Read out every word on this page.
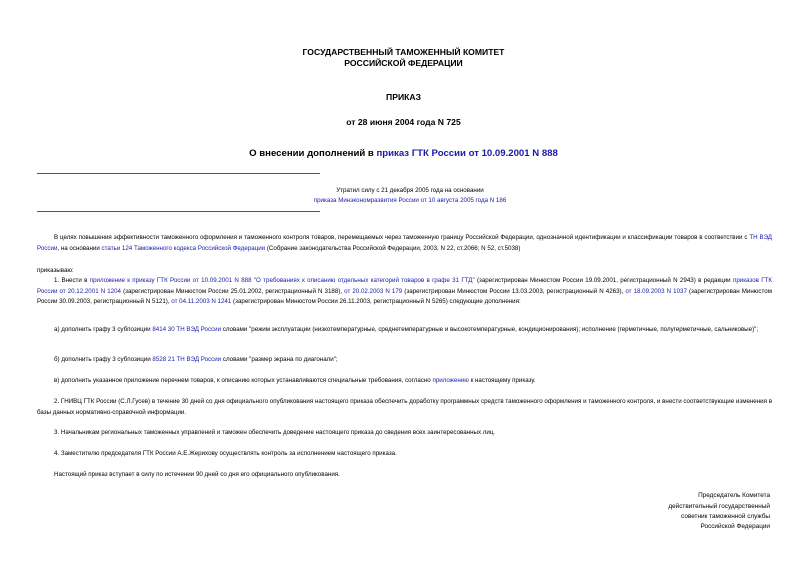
ГОСУДАРСТВЕННЫЙ ТАМОЖЕННЫЙ КОМИТЕТ
РОССИЙСКОЙ ФЕДЕРАЦИИ
ПРИКАЗ
от 28 июня 2004 года N 725
О внесении дополнений в приказ ГТК России от 10.09.2001 N 888
Утратил силу с 21 декабря 2005 года на основании
приказа Минэкономразвития России от 10 августа 2005 года N 186
В целях повышения эффективности таможенного оформления и таможенного контроля товаров, перемещаемых через таможенную границу Российской Федерации, однозначной идентификации и классификации товаров в соответствии с ТН ВЭД России, на основании статьи 124 Таможенного кодекса Российской Федерации (Собрание законодательства Российской Федерации, 2003, N 22, ст.2066; N 52, ст.5038)
приказываю:
1. Внести в приложение к приказу ГТК России от 10.09.2001 N 888 "О требованиях к описанию отдельных категорий товаров в графе 31 ГТД" (зарегистрирован Минюстом России 19.09.2001, регистрационный N 2943) в редакции приказов ГТК России от 20.12.2001 N 1204 (зарегистрирован Минюстом России 25.01.2002, регистрационный N 3188), от 20.02.2003 N 179 (зарегистрирован Минюстом России 13.03.2003, регистрационный N 4263), от 18.09.2003 N 1037 (зарегистрирован Минюстом России 30.09.2003, регистрационный N 5121), от 04.11.2003 N 1241 (зарегистрирован Минюстом России 26.11.2003, регистрационный N 5265) следующие дополнения:
а) дополнить графу 3 субпозиции 8414 30 ТН ВЭД России словами "режим эксплуатации (низкотемпературные, среднетемпературные и высокотемпературные, кондиционирования); исполнение (герметичные, полугерметичные, сальниковые)";
б) дополнить графу 3 субпозиции 8528 21 ТН ВЭД России словами "размер экрана по диагонали";
в) дополнить указанное приложение перечнем товаров, к описанию которых устанавливаются специальные требования, согласно приложению к настоящему приказу.
2. ГНИВЦ ГТК России (С.Л.Гусев) в течение 30 дней со дня официального опубликования настоящего приказа обеспечить доработку программных средств таможенного оформления и таможенного контроля, и внести соответствующие изменения в базы данных нормативно-справочной информации.
3. Начальникам региональных таможенных управлений и таможен обеспечить доведение настоящего приказа до сведения всех заинтересованных лиц.
4. Заместителю председателя ГТК России А.Е.Жерихову осуществлять контроль за исполнением настоящего приказа.
Настоящий приказ вступает в силу по истечении 90 дней со дня его официального опубликования.
Председатель Комитета
действительный государственный
советник таможенной службы
Российской Федерации
